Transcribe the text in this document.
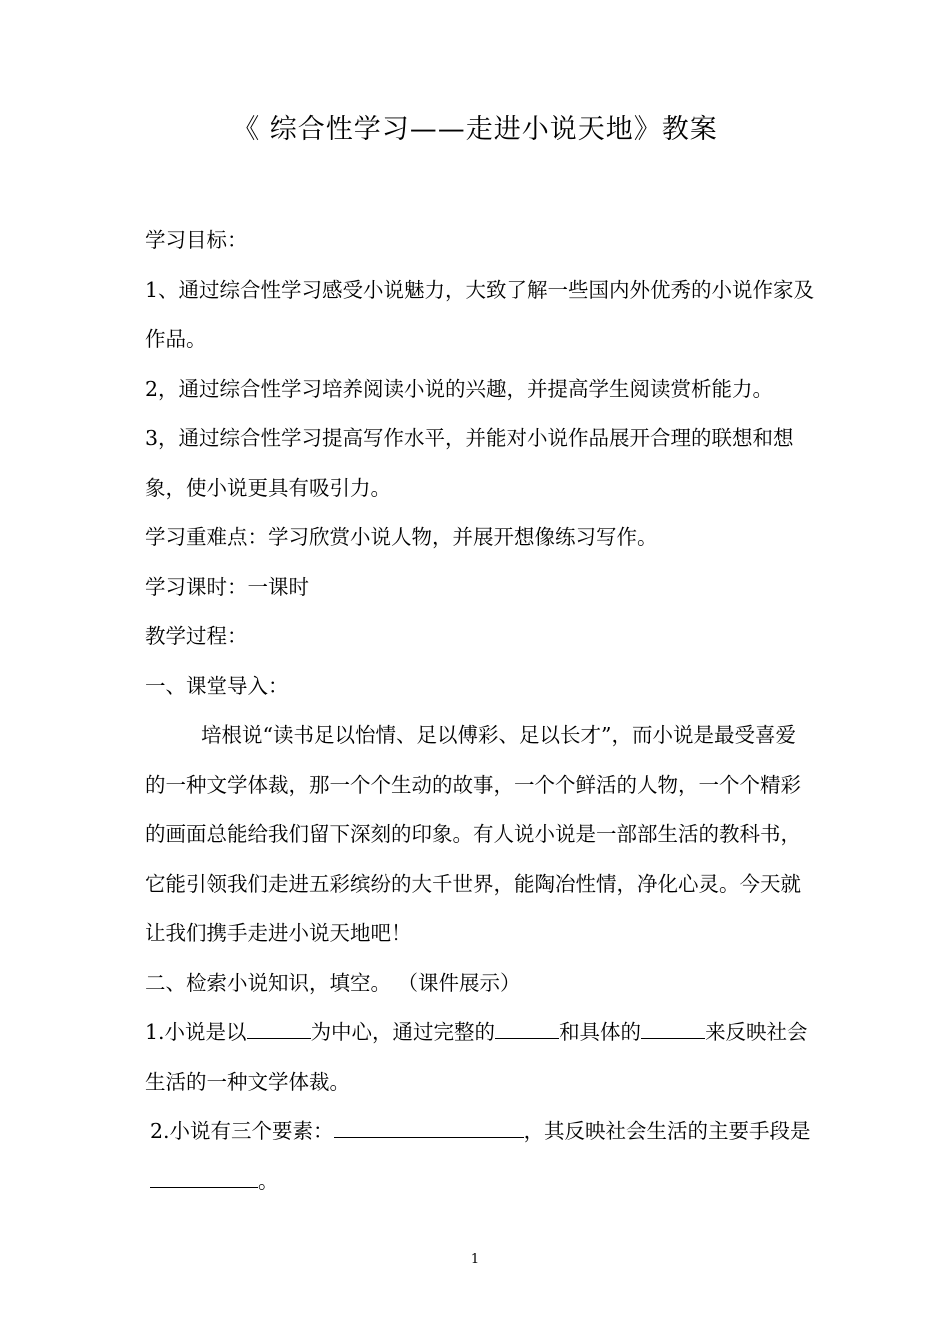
《 综合性学习——走进小说天地》教案

学习目标：

1、通过综合性学习感受小说魅力，大致了解一些国内外优秀的小说作家及作品。

2，通过综合性学习培养阅读小说的兴趣，并提高学生阅读赏析能力。

3，通过综合性学习提高写作水平，并能对小说作品展开合理的联想和想象，使小说更具有吸引力。

学习重难点：学习欣赏小说人物，并展开想像练习写作。

学习课时：一课时

教学过程：

一、课堂导入：

培根说“读书足以怡情、足以傅彩、足以长才”，而小说是最受喜爱的一种文学体裁，那一个个生动的故事，一个个鲜活的人物，一个个精彩的画面总能给我们留下深刻的印象。有人说小说是一部部生活的教科书，它能引领我们走进五彩缤纷的大千世界，能陶冶性情，净化心灵。今天就让我们携手走进小说天地吧！

二、检索小说知识，填空。 （课件展示）

1.小说是以	为中心，通过完整的	和具体的	来反映社会生活的一种文学体裁。

2.小说有三个要素：	，其反映社会生活的主要手段是。

1
